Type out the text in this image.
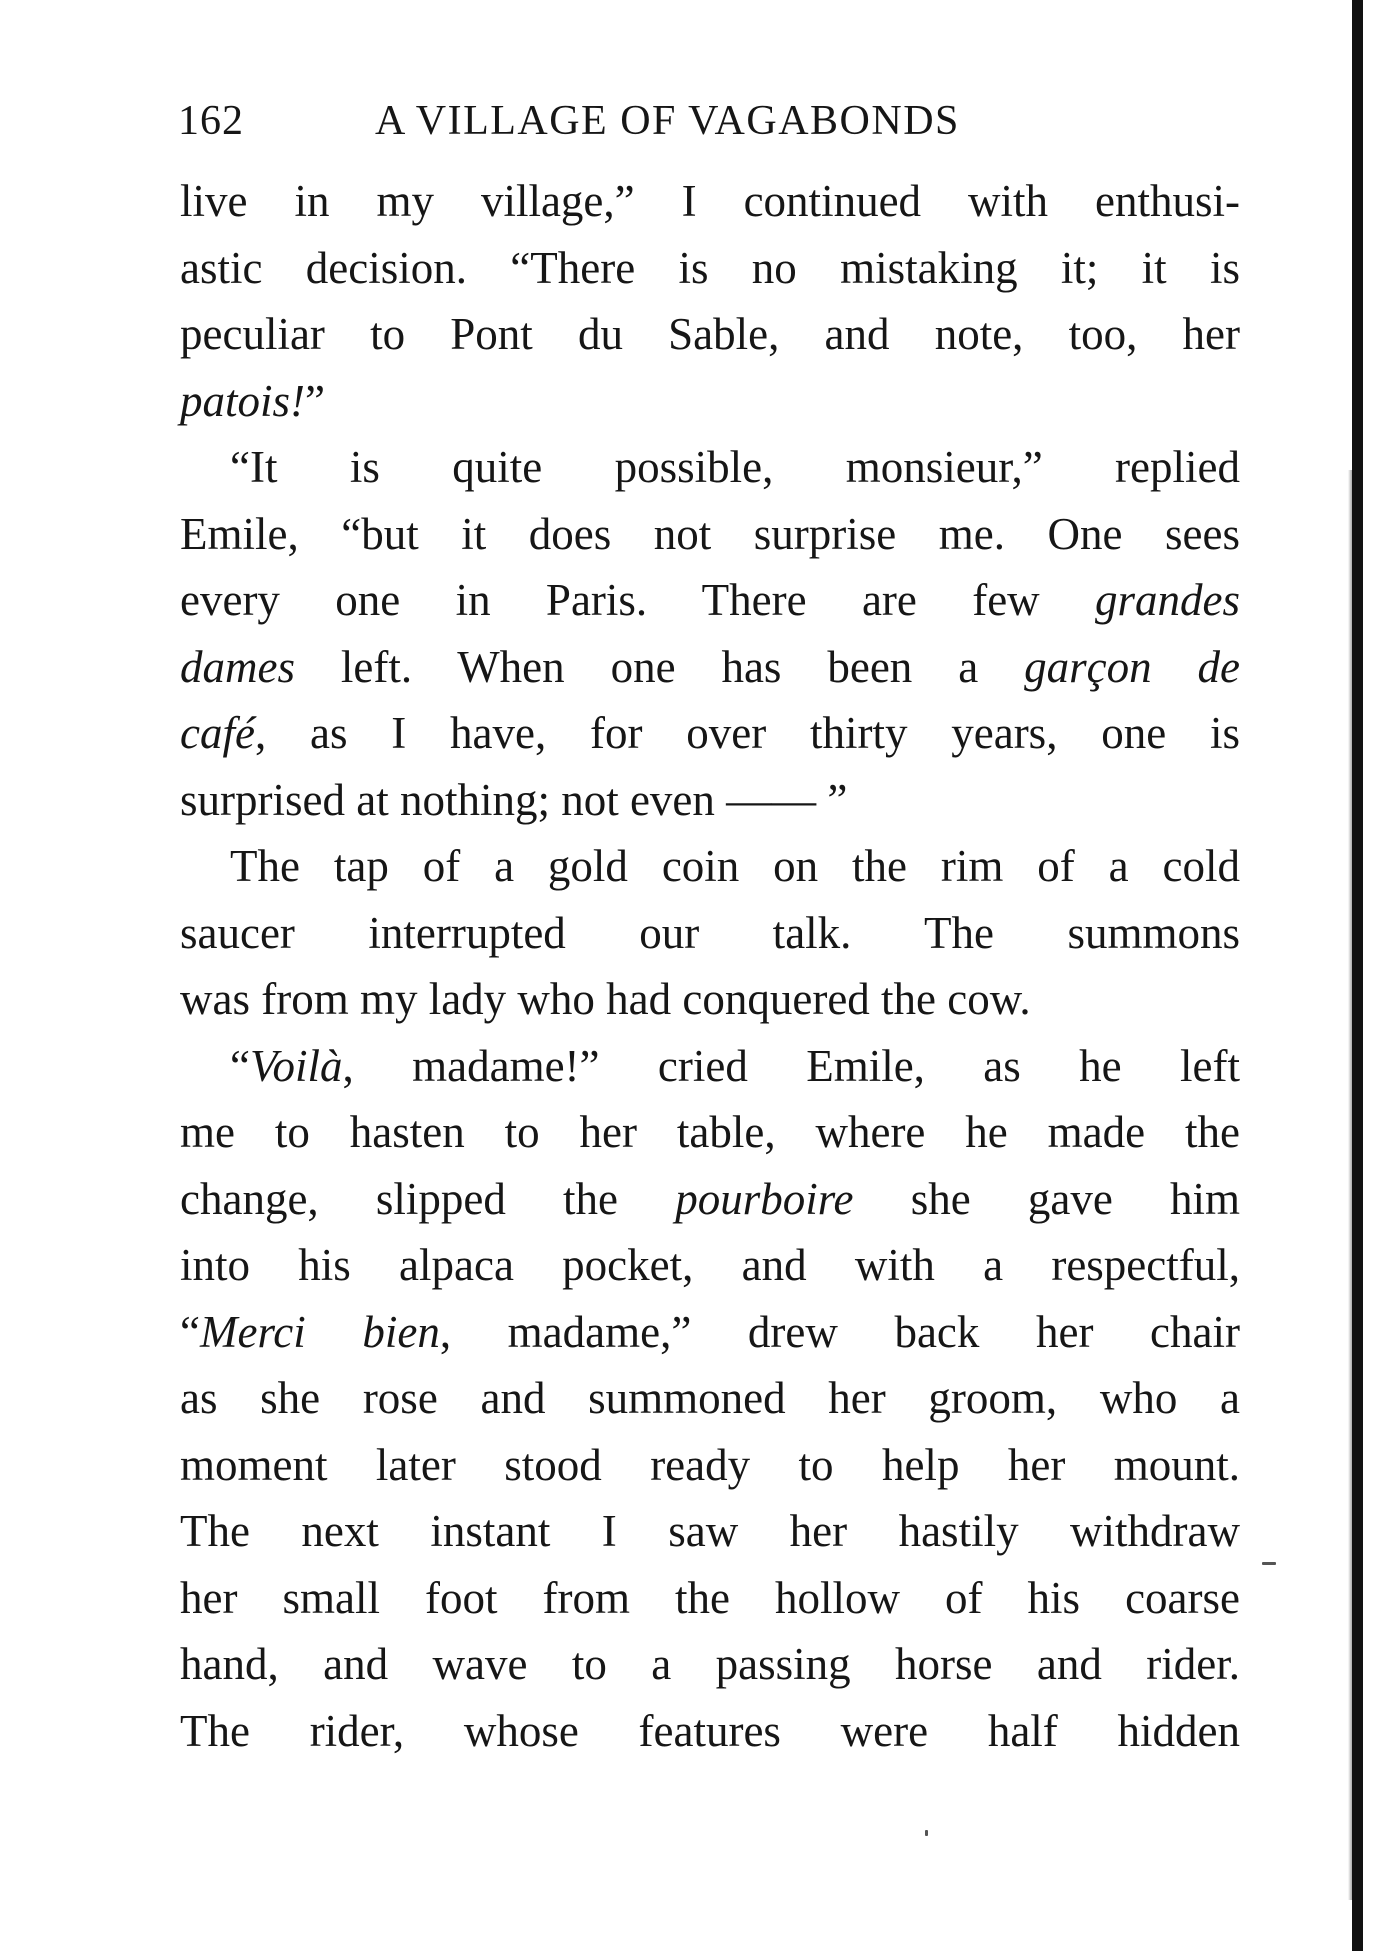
162	A VILLAGE OF VAGABONDS
live in my village,” I continued with enthusi-
astic decision. “There is no mistaking it; it is
peculiar to Pont du Sable, and note, too, her
patois!”
“It is quite possible, monsieur,” replied
Emile, “but it does not surprise me. One sees
every one in Paris. There are few grandes
dames left. When one has been a garçon de
café, as I have, for over thirty years, one is
surprised at nothing; not even —— ”
The tap of a gold coin on the rim of a cold
saucer interrupted our talk. The summons
was from my lady who had conquered the cow.
“Voilà, madame!” cried Emile, as he left
me to hasten to her table, where he made the
change, slipped the pourboire she gave him
into his alpaca pocket, and with a respectful,
“Merci bien, madame,” drew back her chair
as she rose and summoned her groom, who a
moment later stood ready to help her mount.
The next instant I saw her hastily withdraw
her small foot from the hollow of his coarse
hand, and wave to a passing horse and rider.
The rider, whose features were half hidden
